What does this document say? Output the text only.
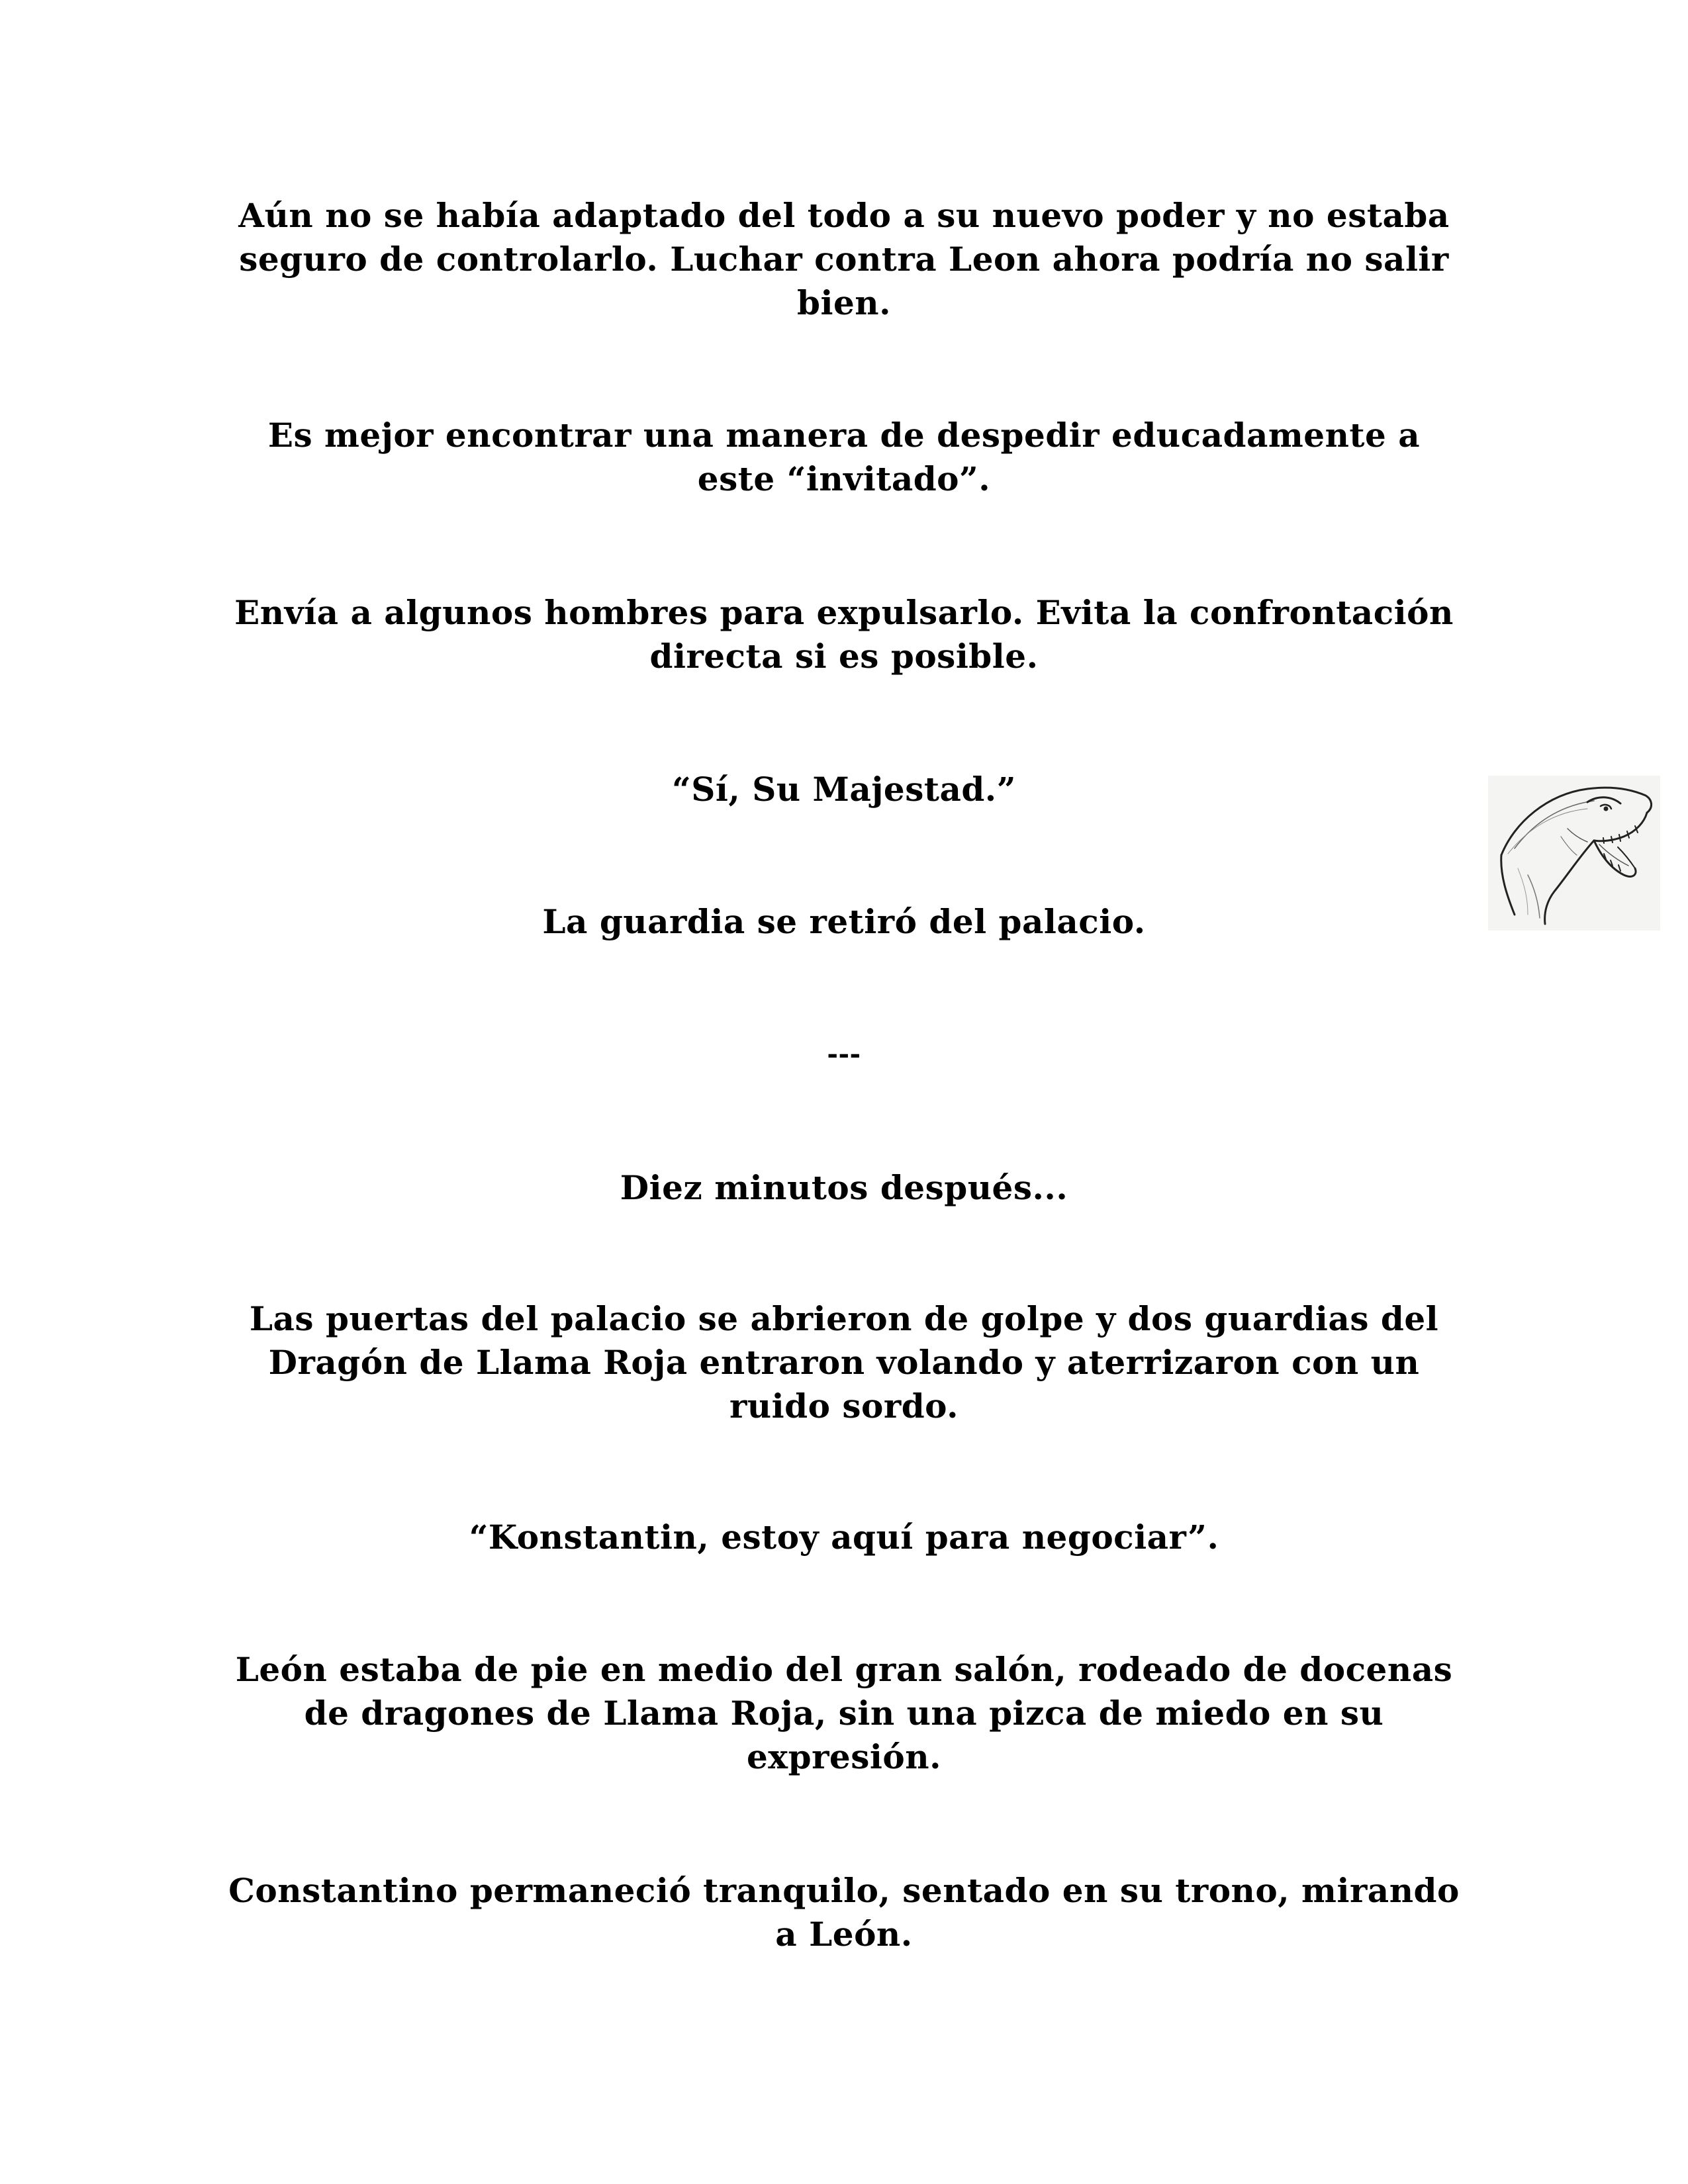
Aún no se había adaptado del todo a su nuevo poder y no estaba seguro de controlarlo. Luchar contra Leon ahora podría no salir bien.

Es mejor encontrar una manera de despedir educadamente a este “invitado”.

Envía a algunos hombres para expulsarlo. Evita la confrontación directa si es posible.

“Sí, Su Majestad.”

La guardia se retiró del palacio.

---

Diez minutos después...

Las puertas del palacio se abrieron de golpe y dos guardias del Dragón de Llama Roja entraron volando y aterrizaron con un ruido sordo.

“Konstantin, estoy aquí para negociar”.

León estaba de pie en medio del gran salón, rodeado de docenas de dragones de Llama Roja, sin una pizca de miedo en su expresión.

Constantino permaneció tranquilo, sentado en su trono, mirando a León.
